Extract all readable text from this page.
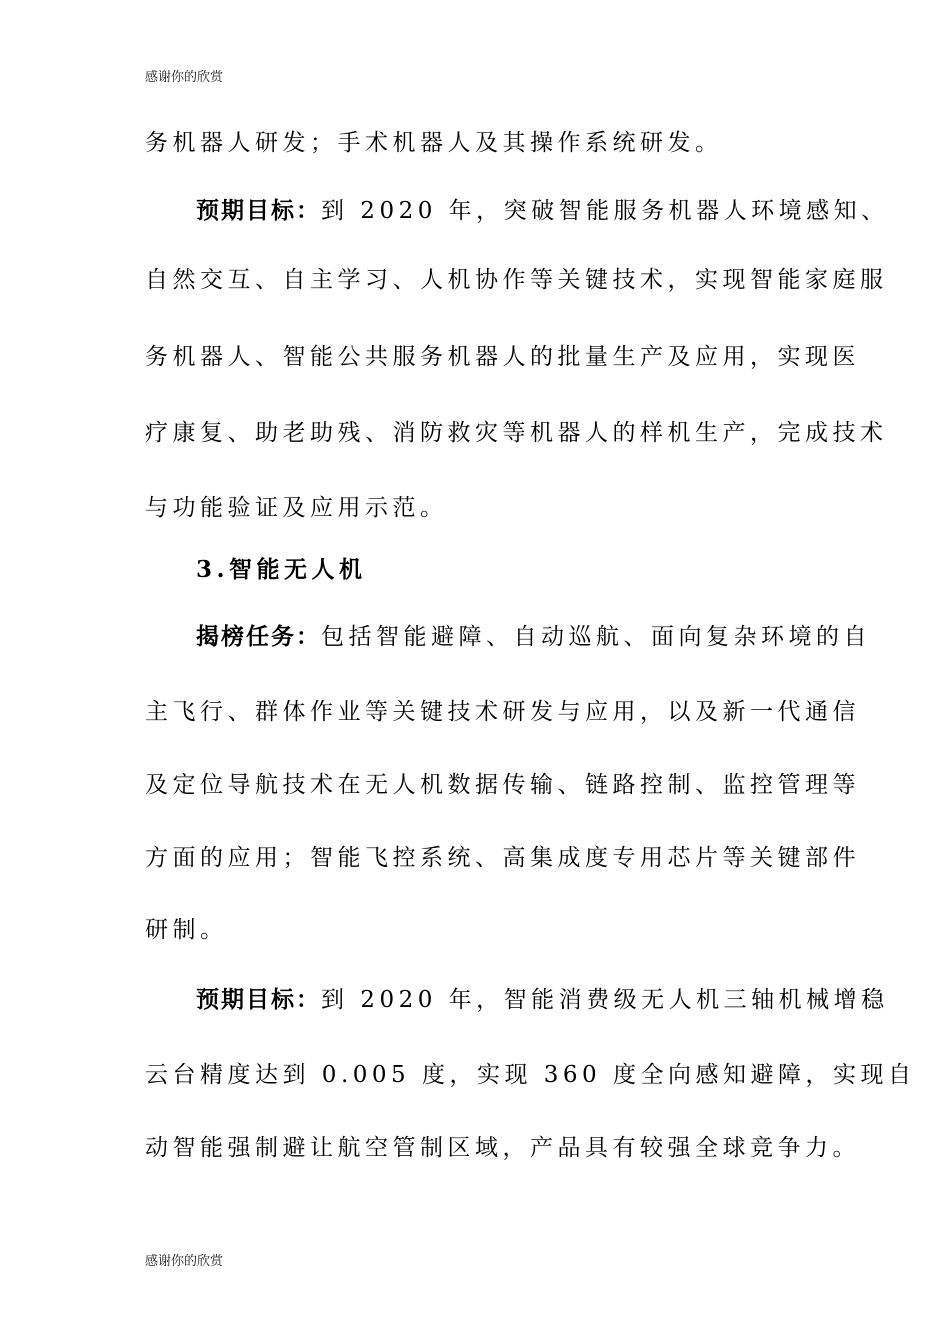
感谢你的欣赏
务机器人研发；手术机器人及其操作系统研发。
预期目标：到 2020 年，突破智能服务机器人环境感知、
自然交互、自主学习、人机协作等关键技术，实现智能家庭服
务机器人、智能公共服务机器人的批量生产及应用，实现医
疗康复、助老助残、消防救灾等机器人的样机生产，完成技术
与功能验证及应用示范。
3.智能无人机
揭榜任务：包括智能避障、自动巡航、面向复杂环境的自
主飞行、群体作业等关键技术研发与应用，以及新一代通信
及定位导航技术在无人机数据传输、链路控制、监控管理等
方面的应用；智能飞控系统、高集成度专用芯片等关键部件
研制。
预期目标：到 2020 年，智能消费级无人机三轴机械增稳
云台精度达到 0.005 度，实现 360 度全向感知避障，实现自
动智能强制避让航空管制区域，产品具有较强全球竞争力。
感谢你的欣赏
